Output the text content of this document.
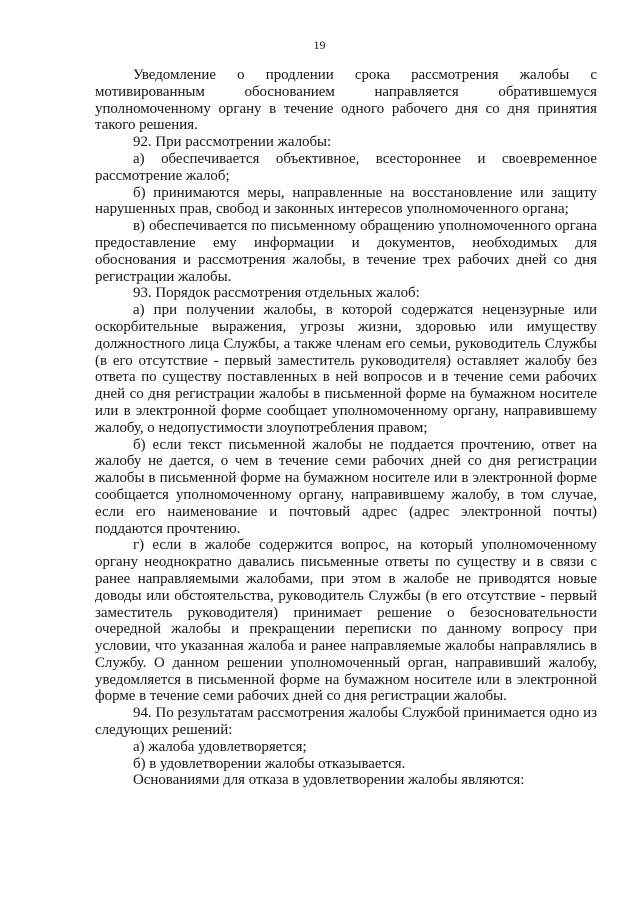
19

Уведомление о продлении срока рассмотрения жалобы с мотивированным обоснованием направляется обратившемуся уполномоченному органу в течение одного рабочего дня со дня принятия такого решения.

92. При рассмотрении жалобы:

а) обеспечивается объективное, всестороннее и своевременное рассмотрение жалоб;

б) принимаются меры, направленные на восстановление или защиту нарушенных прав, свобод и законных интересов уполномоченного органа;

в) обеспечивается по письменному обращению уполномоченного органа предоставление ему информации и документов, необходимых для обоснования и рассмотрения жалобы, в течение трех рабочих дней со дня регистрации жалобы.

93. Порядок рассмотрения отдельных жалоб:

а) при получении жалобы, в которой содержатся нецензурные или оскорбительные выражения, угрозы жизни, здоровью или имуществу должностного лица Службы, а также членам его семьи, руководитель Службы (в его отсутствие - первый заместитель руководителя) оставляет жалобу без ответа по существу поставленных в ней вопросов и в течение семи рабочих дней со дня регистрации жалобы в письменной форме на бумажном носителе или в электронной форме сообщает уполномоченному органу, направившему жалобу, о недопустимости злоупотребления правом;

б) если текст письменной жалобы не поддается прочтению, ответ на жалобу не дается, о чем в течение семи рабочих дней со дня регистрации жалобы в письменной форме на бумажном носителе или в электронной форме сообщается уполномоченному органу, направившему жалобу, в том случае, если его наименование и почтовый адрес (адрес электронной почты) поддаются прочтению.

г) если в жалобе содержится вопрос, на который уполномоченному органу неоднократно давались письменные ответы по существу и в связи с ранее направляемыми жалобами, при этом в жалобе не приводятся новые доводы или обстоятельства, руководитель Службы (в его отсутствие - первый заместитель руководителя) принимает решение о безосновательности очередной жалобы и прекращении переписки по данному вопросу при условии, что указанная жалоба и ранее направляемые жалобы направлялись в Службу. О данном решении уполномоченный орган, направивший жалобу, уведомляется в письменной форме на бумажном носителе или в электронной форме в течение семи рабочих дней со дня регистрации жалобы.

94. По результатам рассмотрения жалобы Службой принимается одно из следующих решений:

а) жалоба удовлетворяется;

б) в удовлетворении жалобы отказывается.

Основаниями для отказа в удовлетворении жалобы являются:
